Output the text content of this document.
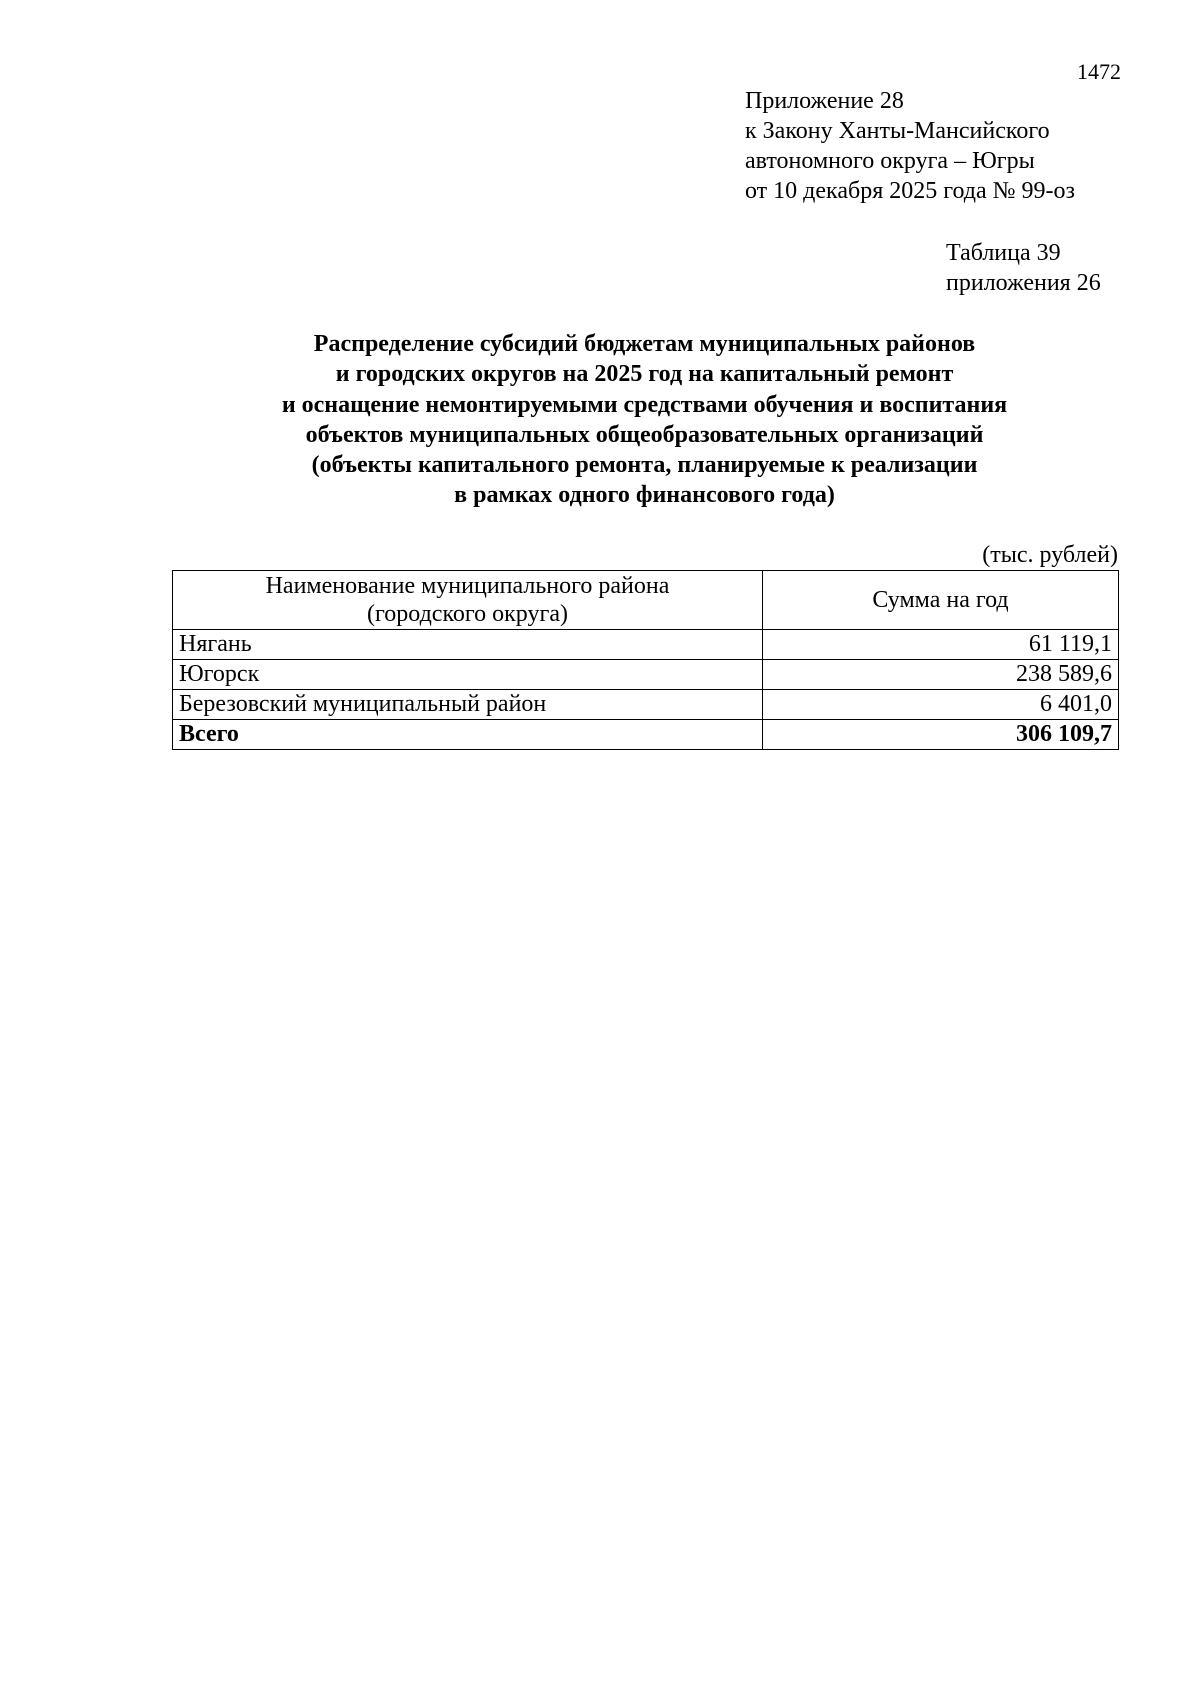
1472
Приложение 28
к Закону Ханты-Мансийского
автономного округа – Югры
от 10 декабря 2025 года № 99-оз
Таблица 39
приложения 26
Распределение субсидий бюджетам муниципальных районов
и городских округов на 2025 год на капитальный ремонт
и оснащение немонтируемыми средствами обучения и воспитания
объектов муниципальных общеобразовательных организаций
(объекты капитального ремонта, планируемые к реализации
в рамках одного финансового года)
(тыс. рублей)
Наименование муниципального района
(городского округа)	Сумма на год
Нягань	61 119,1
Югорск	238 589,6
Березовский муниципальный район	6 401,0
Всего	306 109,7
